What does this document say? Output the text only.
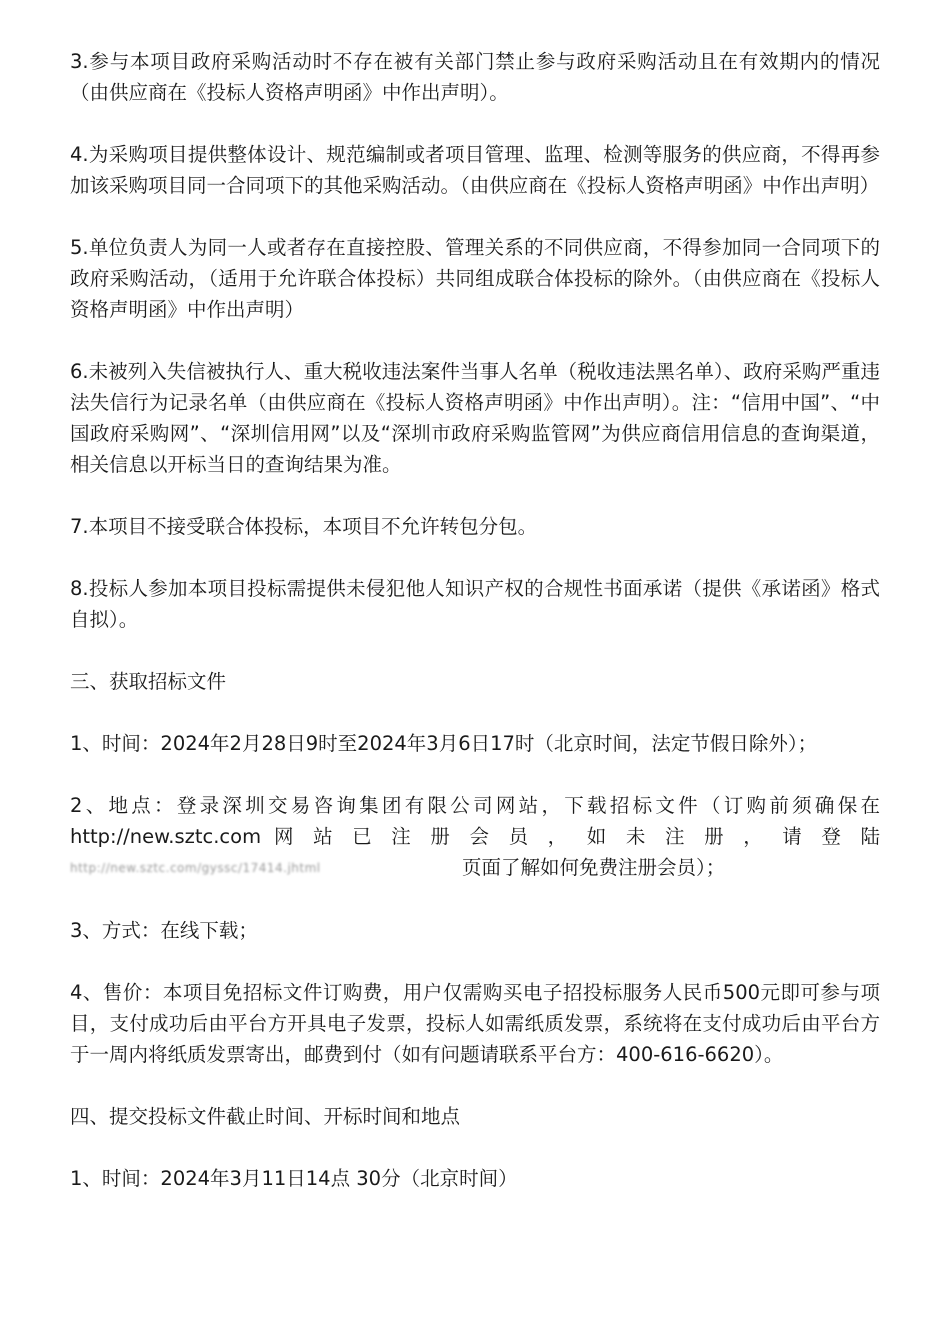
3.参与本项目政府采购活动时不存在被有关部门禁止参与政府采购活动且在有效期内的情况（由供应商在《投标人资格声明函》中作出声明）。

4.为采购项目提供整体设计、规范编制或者项目管理、监理、检测等服务的供应商，不得再参加该采购项目同一合同项下的其他采购活动。（由供应商在《投标人资格声明函》中作出声明）

5.单位负责人为同一人或者存在直接控股、管理关系的不同供应商，不得参加同一合同项下的政府采购活动，（适用于允许联合体投标）共同组成联合体投标的除外。（由供应商在《投标人资格声明函》中作出声明）

6.未被列入失信被执行人、重大税收违法案件当事人名单（税收违法黑名单）、政府采购严重违法失信行为记录名单（由供应商在《投标人资格声明函》中作出声明）。注：“信用中国”、“中国政府采购网”、“深圳信用网”以及“深圳市政府采购监管网”为供应商信用信息的查询渠道，相关信息以开标当日的查询结果为准。

7.本项目不接受联合体投标，本项目不允许转包分包。

8.投标人参加本项目投标需提供未侵犯他人知识产权的合规性书面承诺（提供《承诺函》格式自拟）。

三、获取招标文件

1、时间：2024年2月28日9时至2024年3月6日17时（北京时间，法定节假日除外）；

2、地点：登录深圳交易咨询集团有限公司网站，下载招标文件（订购前须确保在
http://new.sztc.com 网 站 已 注 册 会 员 ， 如 未 注 册 ， 请 登 陆
http://new.sztc.com/gyssc/17414.jhtml	页面了解如何免费注册会员）；

3、方式：在线下载；

4、售价：本项目免招标文件订购费，用户仅需购买电子招投标服务人民币500元即可参与项目，支付成功后由平台方开具电子发票，投标人如需纸质发票，系统将在支付成功后由平台方于一周内将纸质发票寄出，邮费到付（如有问题请联系平台方：400-616-6620）。

四、提交投标文件截止时间、开标时间和地点

1、时间：2024年3月11日14点 30分（北京时间）
